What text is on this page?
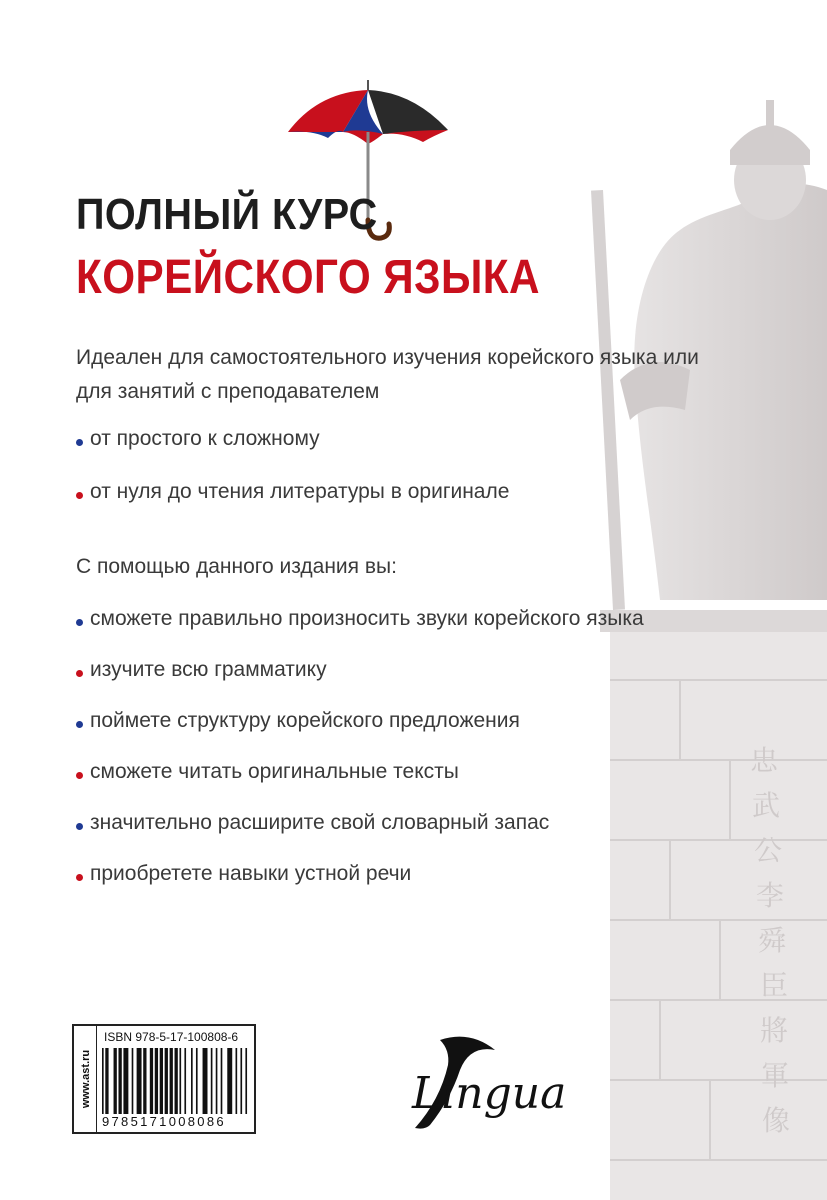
忠
武
公
李
舜
臣
將
軍
像
ПОЛНЫЙ КУРС
КОРЕЙСКОГО ЯЗЫКА
Идеален для самостоятельного изучения корейского языка или для занятий с преподавателем
от простого к сложному
от нуля до чтения литературы в оригинале
С помощью данного издания вы:
сможете правильно произносить звуки корейского языка
изучите всю грамматику
поймете структуру корейского предложения
сможете читать оригинальные тексты
значительно расширите свой словарный запас
приобретете навыки устной речи
www.ast.ru
ISBN 978-5-17-100808-6
9785171008086
Lingua
